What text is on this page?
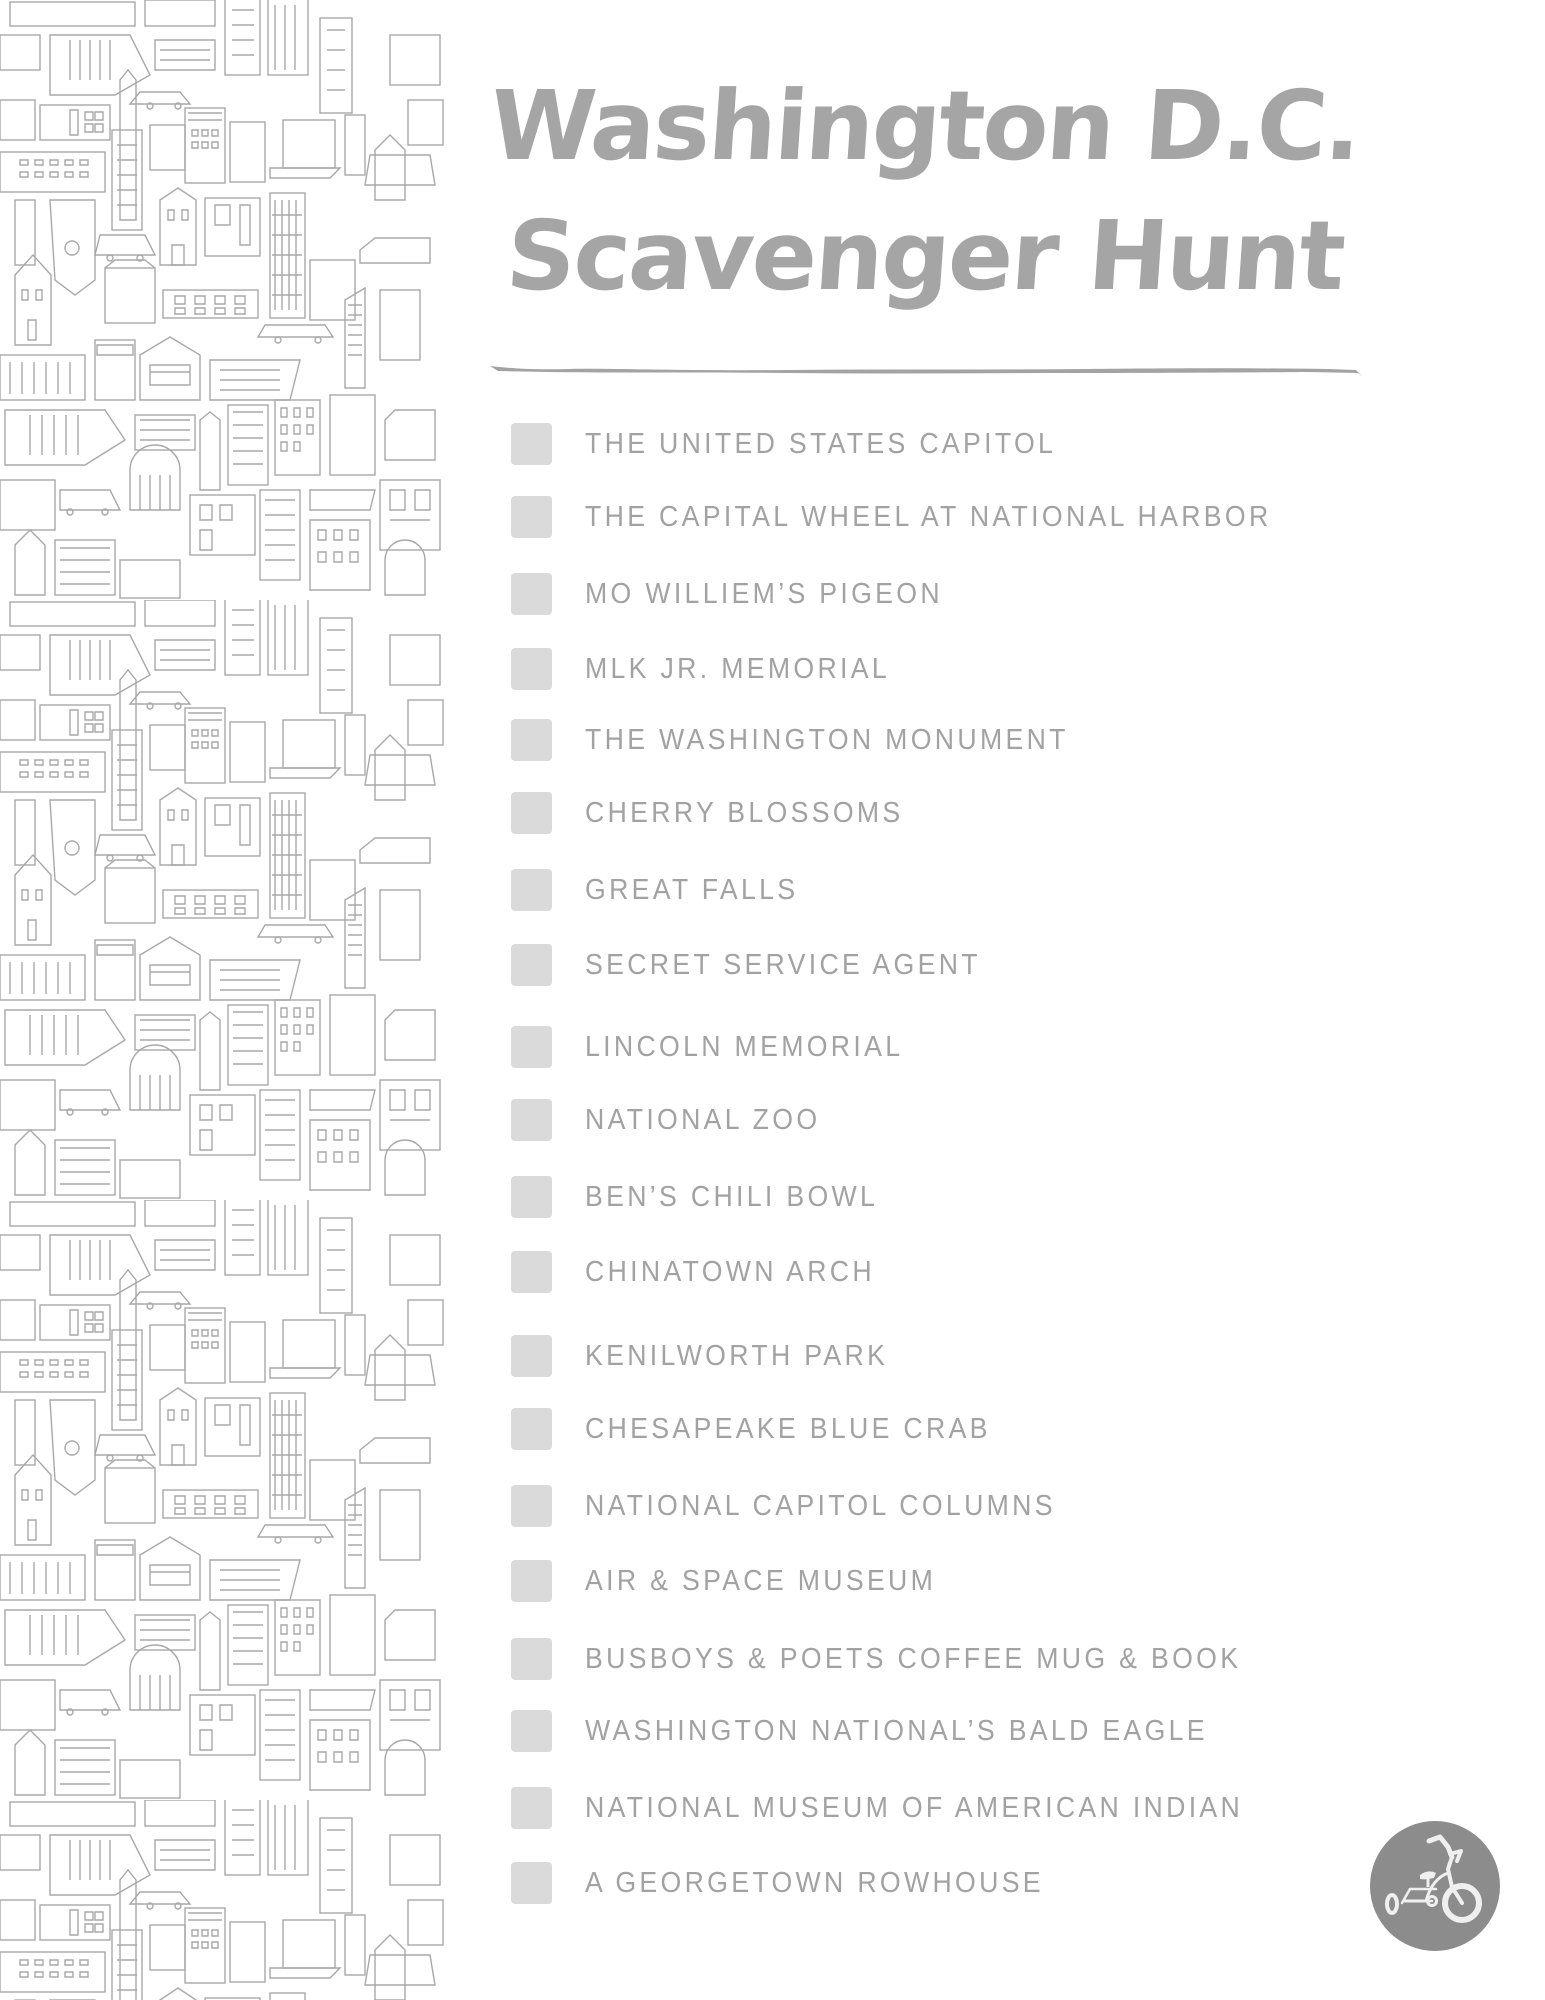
Washington D.C.
Scavenger Hunt
THE UNITED STATES CAPITOL
THE CAPITAL WHEEL AT NATIONAL HARBOR
MO WILLIEM’S PIGEON
MLK JR. MEMORIAL
THE WASHINGTON MONUMENT
CHERRY BLOSSOMS
GREAT FALLS
SECRET SERVICE AGENT
LINCOLN MEMORIAL
NATIONAL ZOO
BEN’S CHILI BOWL
CHINATOWN ARCH
KENILWORTH PARK
CHESAPEAKE BLUE CRAB
NATIONAL CAPITOL COLUMNS
AIR & SPACE MUSEUM
BUSBOYS & POETS COFFEE MUG & BOOK
WASHINGTON NATIONAL’S BALD EAGLE
NATIONAL MUSEUM OF AMERICAN INDIAN
A GEORGETOWN ROWHOUSE
